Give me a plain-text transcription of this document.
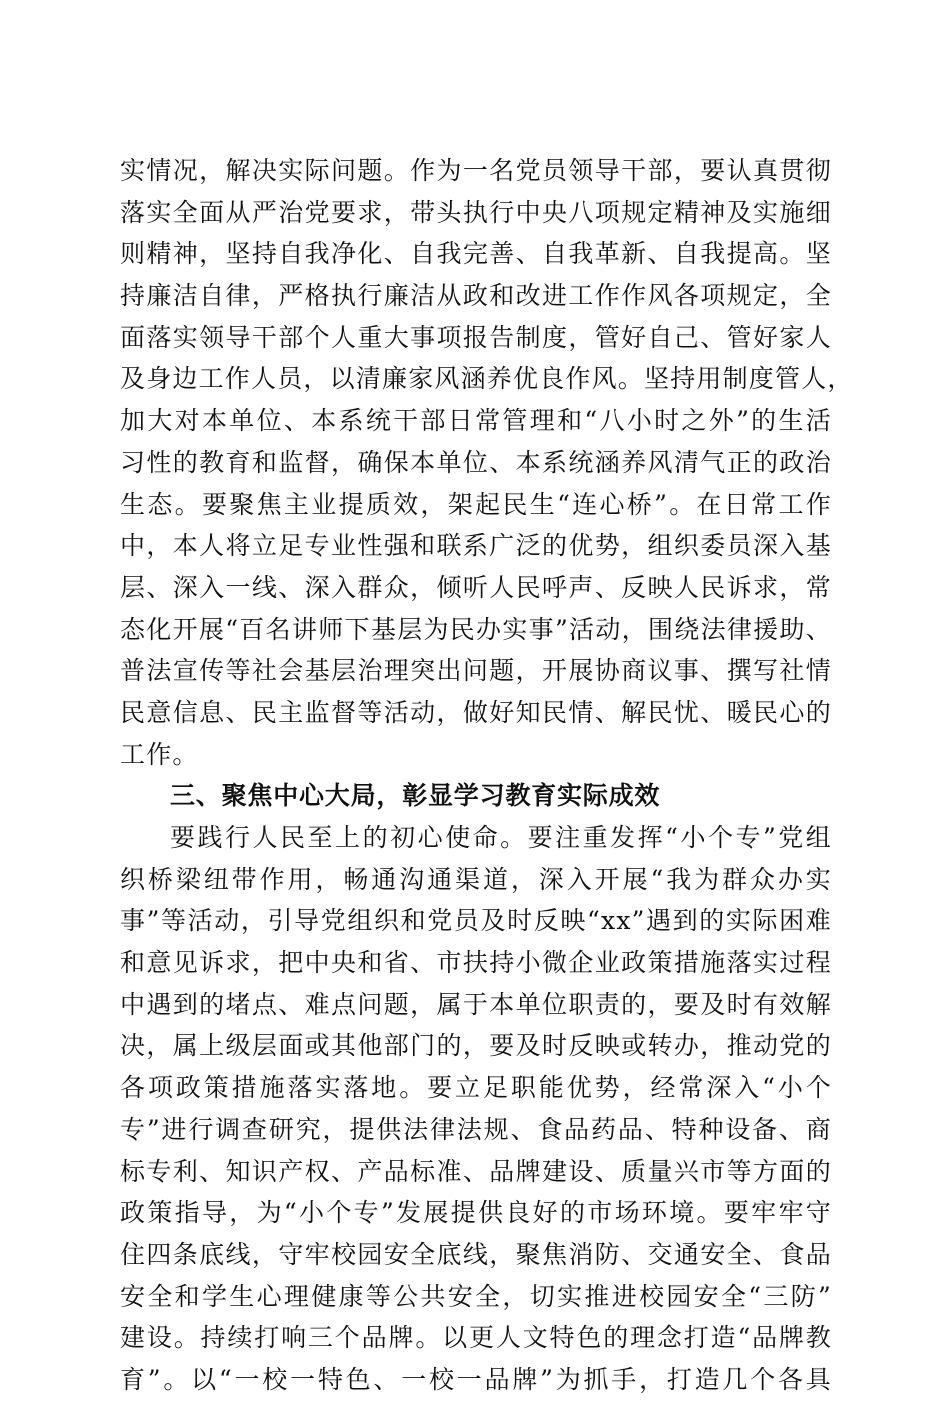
实情况，解决实际问题。作为一名党员领导干部，要认真贯彻
落实全面从严治党要求，带头执行中央八项规定精神及实施细
则精神，坚持自我净化、自我完善、自我革新、自我提高。坚
持廉洁自律，严格执行廉洁从政和改进工作作风各项规定，全
面落实领导干部个人重大事项报告制度，管好自己、管好家人
及身边工作人员，以清廉家风涵养优良作风。坚持用制度管人，
加大对本单位、本系统干部日常管理和“八小时之外”的生活
习性的教育和监督，确保本单位、本系统涵养风清气正的政治
生态。要聚焦主业提质效，架起民生“连心桥”。在日常工作
中，本人将立足专业性强和联系广泛的优势，组织委员深入基
层、深入一线、深入群众，倾听人民呼声、反映人民诉求，常
态化开展“百名讲师下基层为民办实事”活动，围绕法律援助、
普法宣传等社会基层治理突出问题，开展协商议事、撰写社情
民意信息、民主监督等活动，做好知民情、解民忧、暖民心的
工作。
三、聚焦中心大局，彰显学习教育实际成效
要践行人民至上的初心使命。要注重发挥“小个专”党组
织桥梁纽带作用，畅通沟通渠道，深入开展“我为群众办实
事”等活动，引导党组织和党员及时反映“xx”遇到的实际困难
和意见诉求，把中央和省、市扶持小微企业政策措施落实过程
中遇到的堵点、难点问题，属于本单位职责的，要及时有效解
决，属上级层面或其他部门的，要及时反映或转办，推动党的
各项政策措施落实落地。要立足职能优势，经常深入“小个
专”进行调查研究，提供法律法规、食品药品、特种设备、商
标专利、知识产权、产品标准、品牌建设、质量兴市等方面的
政策指导，为“小个专”发展提供良好的市场环境。要牢牢守
住四条底线，守牢校园安全底线，聚焦消防、交通安全、食品
安全和学生心理健康等公共安全，切实推进校园安全“三防”
建设。持续打响三个品牌。以更人文特色的理念打造“品牌教
育”。以“一校一特色、一校一品牌”为抓手，打造几个各具
